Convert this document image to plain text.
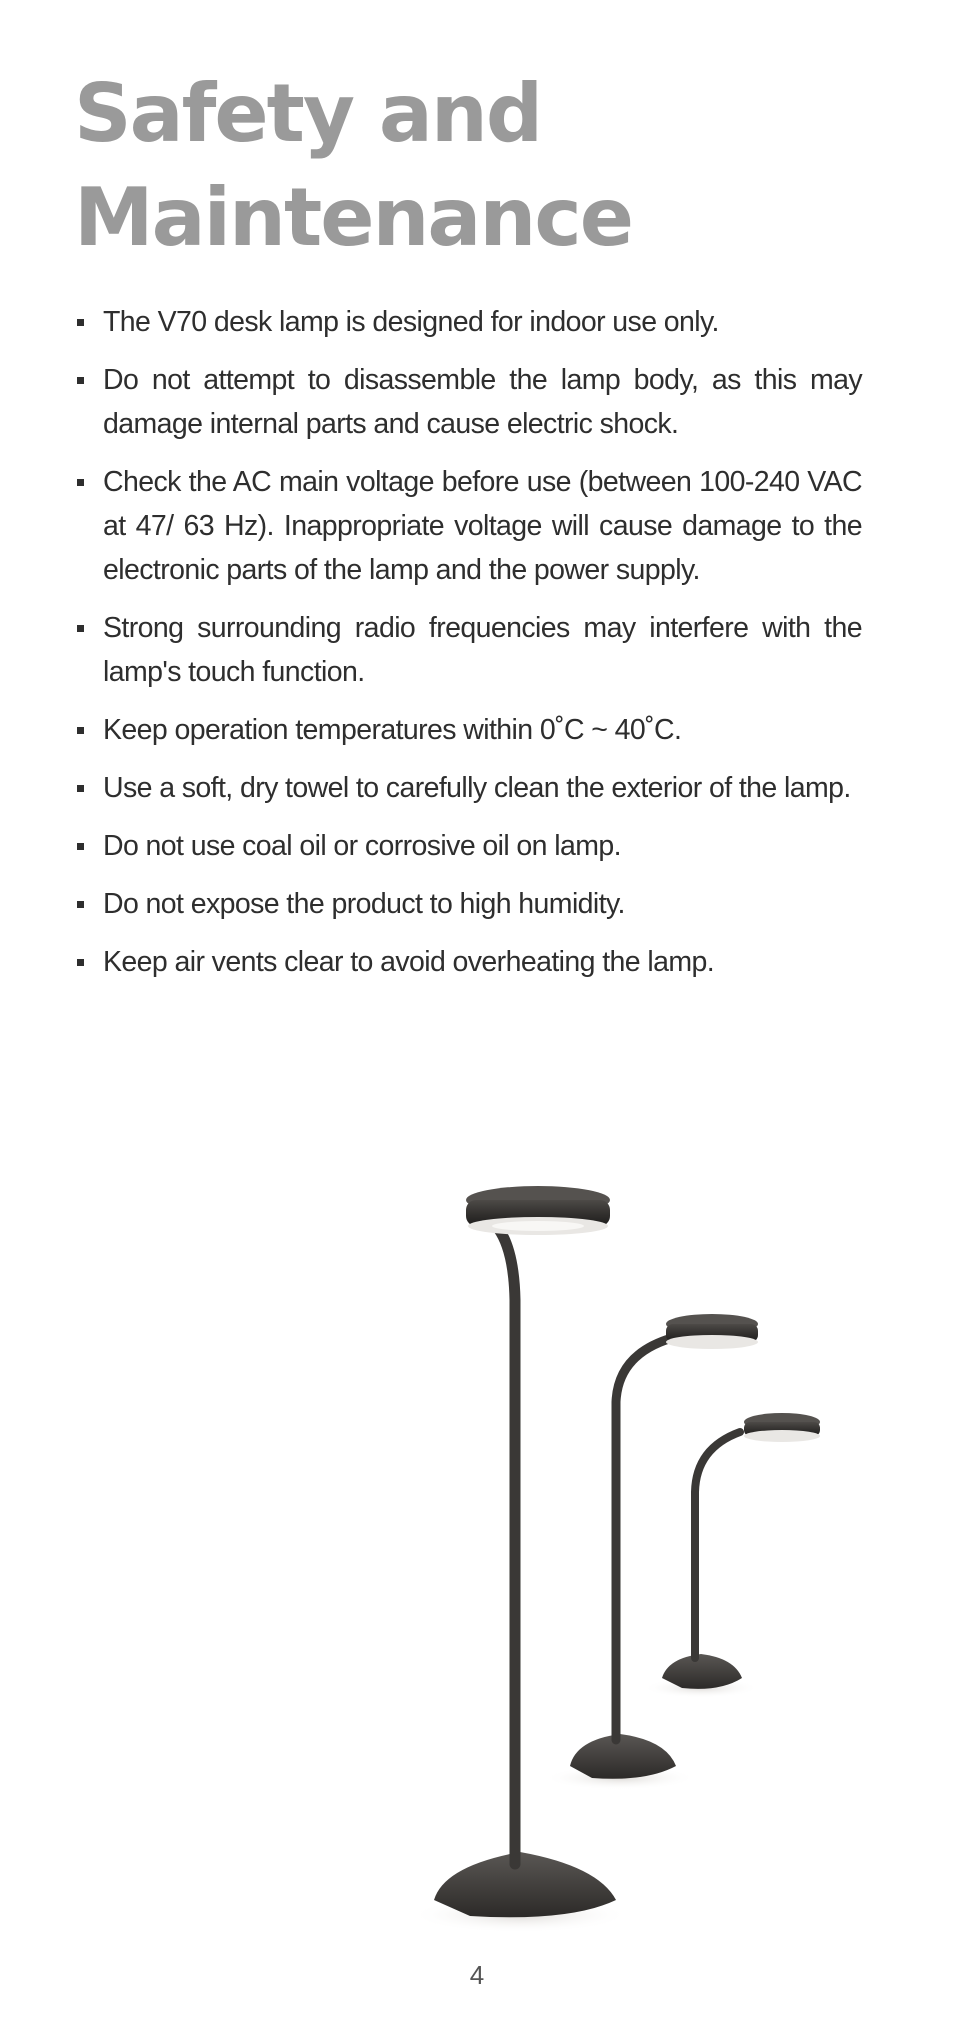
Safety and
Maintenance
The V70 desk lamp is designed for indoor use only.
Do not attempt to disassemble the lamp body, as this may damage internal parts and cause electric shock.
Check the AC main voltage before use (between 100-240 VAC at 47/ 63 Hz). Inappropriate voltage will cause damage to the electronic parts of the lamp and the power supply.
Strong surrounding radio frequencies may interfere with the lamp's touch function.
Keep operation temperatures within 0˚C ~ 40˚C.
Use a soft, dry towel to carefully clean the exterior of the lamp.
Do not use coal oil or corrosive oil on lamp.
Do not expose the product to high humidity.
Keep air vents clear to avoid overheating the lamp.
4
